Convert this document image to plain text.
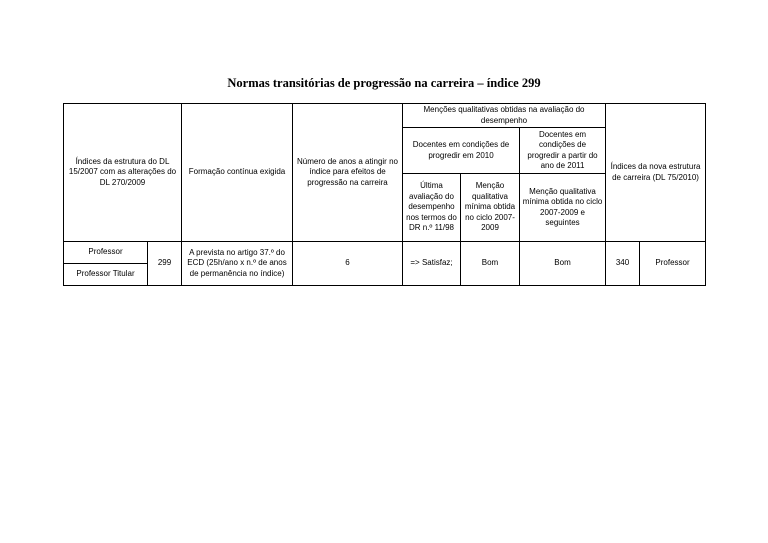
Normas transitórias de progressão na carreira – índice 299
Índices da estrutura do DL 15/2007 com as alterações do DL 270/2009		Formação contínua exigida	Número de anos a atingir no índice para efeitos de progressão na carreira	Menções qualitativas obtidas na avaliação do desempenho			Índices da nova estrutura de carreira (DL 75/2010)	

				Docentes em condições de progredir em 2010		Docentes em condições de progredir a partir do ano de 2011		

				Última avaliação do desempenho nos termos do DR n.º 11/98	Menção qualitativa mínima obtida no ciclo 2007-2009	Menção qualitativa mínima obtida no ciclo 2007-2009 e seguintes		

Professor	299	A prevista no artigo 37.º do ECD (25h/ano x n.º de anos de permanência no índice)	6	=> Satisfaz;	Bom	Bom	340	Professor
Professor Titular								
